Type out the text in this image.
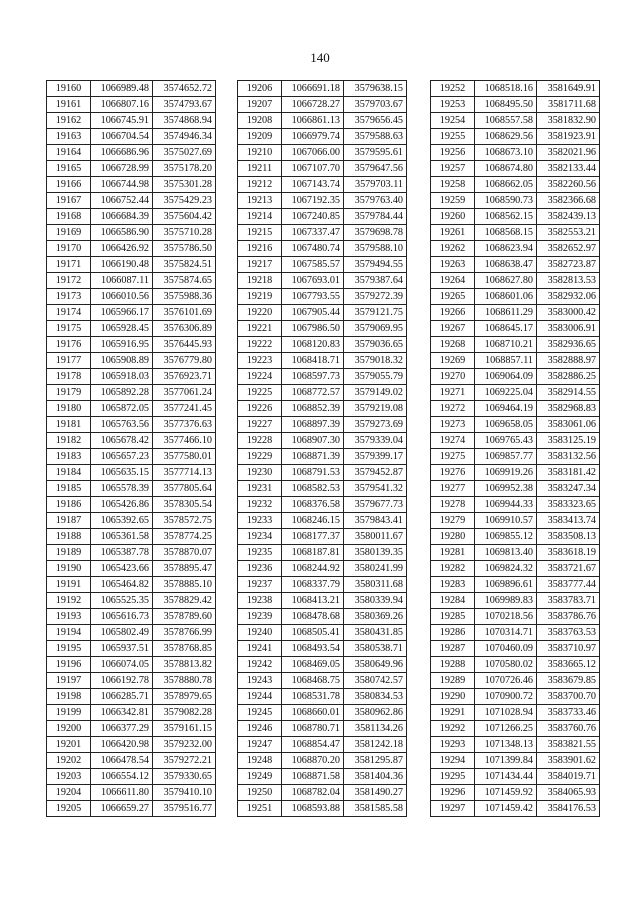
140
19160	1066989.48	3574652.72
19161	1066807.16	3574793.67
19162	1066745.91	3574868.94
19163	1066704.54	3574946.34
19164	1066686.96	3575027.69
19165	1066728.99	3575178.20
19166	1066744.98	3575301.28
19167	1066752.44	3575429.23
19168	1066684.39	3575604.42
19169	1066586.90	3575710.28
19170	1066426.92	3575786.50
19171	1066190.48	3575824.51
19172	1066087.11	3575874.65
19173	1066010.56	3575988.36
19174	1065966.17	3576101.69
19175	1065928.45	3576306.89
19176	1065916.95	3576445.93
19177	1065908.89	3576779.80
19178	1065918.03	3576923.71
19179	1065892.28	3577061.24
19180	1065872.05	3577241.45
19181	1065763.56	3577376.63
19182	1065678.42	3577466.10
19183	1065657.23	3577580.01
19184	1065635.15	3577714.13
19185	1065578.39	3577805.64
19186	1065426.86	3578305.54
19187	1065392.65	3578572.75
19188	1065361.58	3578774.25
19189	1065387.78	3578870.07
19190	1065423.66	3578895.47
19191	1065464.82	3578885.10
19192	1065525.35	3578829.42
19193	1065616.73	3578789.60
19194	1065802.49	3578766.99
19195	1065937.51	3578768.85
19196	1066074.05	3578813.82
19197	1066192.78	3578880.78
19198	1066285.71	3578979.65
19199	1066342.81	3579082.28
19200	1066377.29	3579161.15
19201	1066420.98	3579232.00
19202	1066478.54	3579272.21
19203	1066554.12	3579330.65
19204	1066611.80	3579410.10
19205	1066659.27	3579516.77
19206	1066691.18	3579638.15
19207	1066728.27	3579703.67
19208	1066861.13	3579656.45
19209	1066979.74	3579588.63
19210	1067066.00	3579595.61
19211	1067107.70	3579647.56
19212	1067143.74	3579703.11
19213	1067192.35	3579763.40
19214	1067240.85	3579784.44
19215	1067337.47	3579698.78
19216	1067480.74	3579588.10
19217	1067585.57	3579494.55
19218	1067693.01	3579387.64
19219	1067793.55	3579272.39
19220	1067905.44	3579121.75
19221	1067986.50	3579069.95
19222	1068120.83	3579036.65
19223	1068418.71	3579018.32
19224	1068597.73	3579055.79
19225	1068772.57	3579149.02
19226	1068852.39	3579219.08
19227	1068897.39	3579273.69
19228	1068907.30	3579339.04
19229	1068871.39	3579399.17
19230	1068791.53	3579452.87
19231	1068582.53	3579541.32
19232	1068376.58	3579677.73
19233	1068246.15	3579843.41
19234	1068177.37	3580011.67
19235	1068187.81	3580139.35
19236	1068244.92	3580241.99
19237	1068337.79	3580311.68
19238	1068413.21	3580339.94
19239	1068478.68	3580369.26
19240	1068505.41	3580431.85
19241	1068493.54	3580538.71
19242	1068469.05	3580649.96
19243	1068468.75	3580742.57
19244	1068531.78	3580834.53
19245	1068660.01	3580962.86
19246	1068780.71	3581134.26
19247	1068854.47	3581242.18
19248	1068870.20	3581295.87
19249	1068871.58	3581404.36
19250	1068782.04	3581490.27
19251	1068593.88	3581585.58
19252	1068518.16	3581649.91
19253	1068495.50	3581711.68
19254	1068557.58	3581832.90
19255	1068629.56	3581923.91
19256	1068673.10	3582021.96
19257	1068674.80	3582133.44
19258	1068662.05	3582260.56
19259	1068590.73	3582366.68
19260	1068562.15	3582439.13
19261	1068568.15	3582553.21
19262	1068623.94	3582652.97
19263	1068638.47	3582723.87
19264	1068627.80	3582813.53
19265	1068601.06	3582932.06
19266	1068611.29	3583000.42
19267	1068645.17	3583006.91
19268	1068710.21	3582936.65
19269	1068857.11	3582888.97
19270	1069064.09	3582886.25
19271	1069225.04	3582914.55
19272	1069464.19	3582968.83
19273	1069658.05	3583061.06
19274	1069765.43	3583125.19
19275	1069857.77	3583132.56
19276	1069919.26	3583181.42
19277	1069952.38	3583247.34
19278	1069944.33	3583323.65
19279	1069910.57	3583413.74
19280	1069855.12	3583508.13
19281	1069813.40	3583618.19
19282	1069824.32	3583721.67
19283	1069896.61	3583777.44
19284	1069989.83	3583783.71
19285	1070218.56	3583786.76
19286	1070314.71	3583763.53
19287	1070460.09	3583710.97
19288	1070580.02	3583665.12
19289	1070726.46	3583679.85
19290	1070900.72	3583700.70
19291	1071028.94	3583733.46
19292	1071266.25	3583760.76
19293	1071348.13	3583821.55
19294	1071399.84	3583901.62
19295	1071434.44	3584019.71
19296	1071459.92	3584065.93
19297	1071459.42	3584176.53
